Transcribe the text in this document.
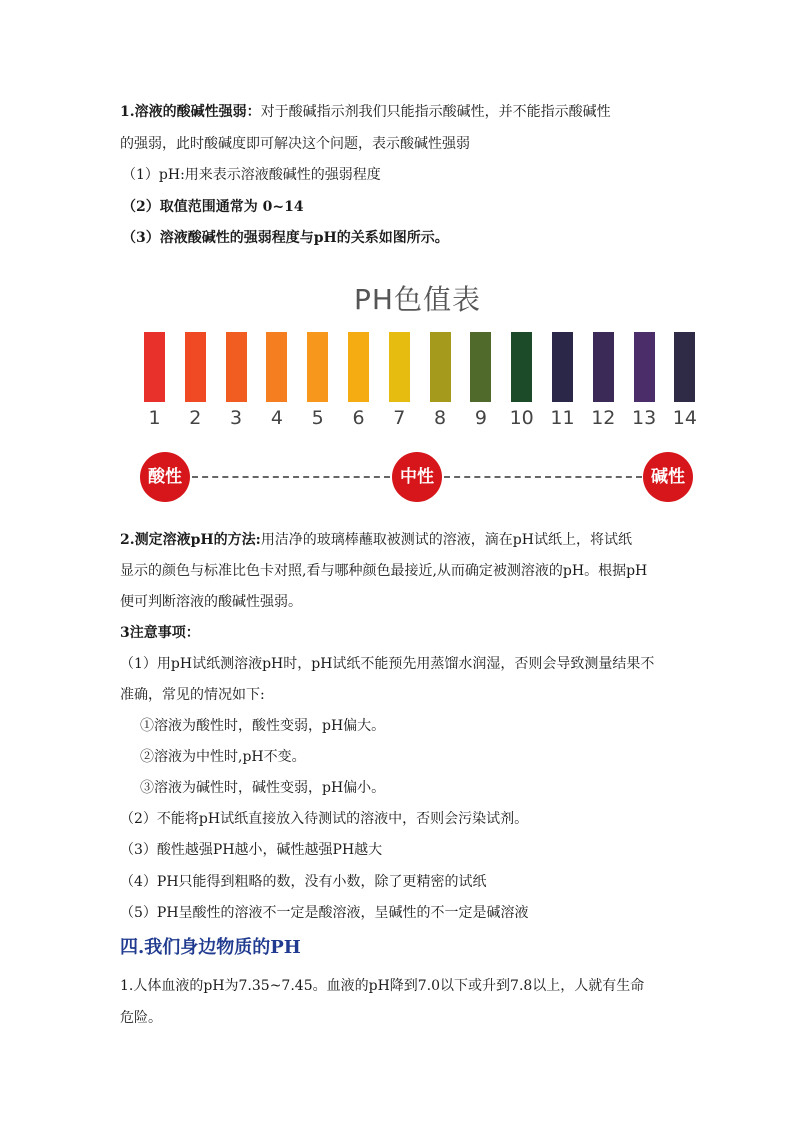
1.溶液的酸碱性强弱：对于酸碱指示剂我们只能指示酸碱性，并不能指示酸碱性
的强弱，此时酸碱度即可解决这个问题，表示酸碱性强弱
（1）pH:用来表示溶液酸碱性的强弱程度
（2）取值范围通常为 0~14
（3）溶液酸碱性的强弱程度与pH的关系如图所示。
PH色值表
1	2	3	4	5	6	7	8	9	10 11 12 13 14
酸性	中性	碱性
2.测定溶液pH的方法:用洁净的玻璃棒蘸取被测试的溶液，滴在pH试纸上，将试纸
显示的颜色与标准比色卡对照,看与哪种颜色最接近,从而确定被测溶液的pH。根据pH
便可判断溶液的酸碱性强弱。
3注意事项：
（1）用pH试纸测溶液pH时，pH试纸不能预先用蒸馏水润湿，否则会导致测量结果不
准确，常见的情况如下:
①溶液为酸性时，酸性变弱，pH偏大。
②溶液为中性时,pH不变。
③溶液为碱性时，碱性变弱，pH偏小。
（2）不能将pH试纸直接放入待测试的溶液中，否则会污染试剂。
（3）酸性越强PH越小，碱性越强PH越大
（4）PH只能得到粗略的数，没有小数，除了更精密的试纸
（5）PH呈酸性的溶液不一定是酸溶液，呈碱性的不一定是碱溶液
四.我们身边物质的PH
1.人体血液的pH为7.35~7.45。血液的pH降到7.0以下或升到7.8以上，人就有生命
危险。
